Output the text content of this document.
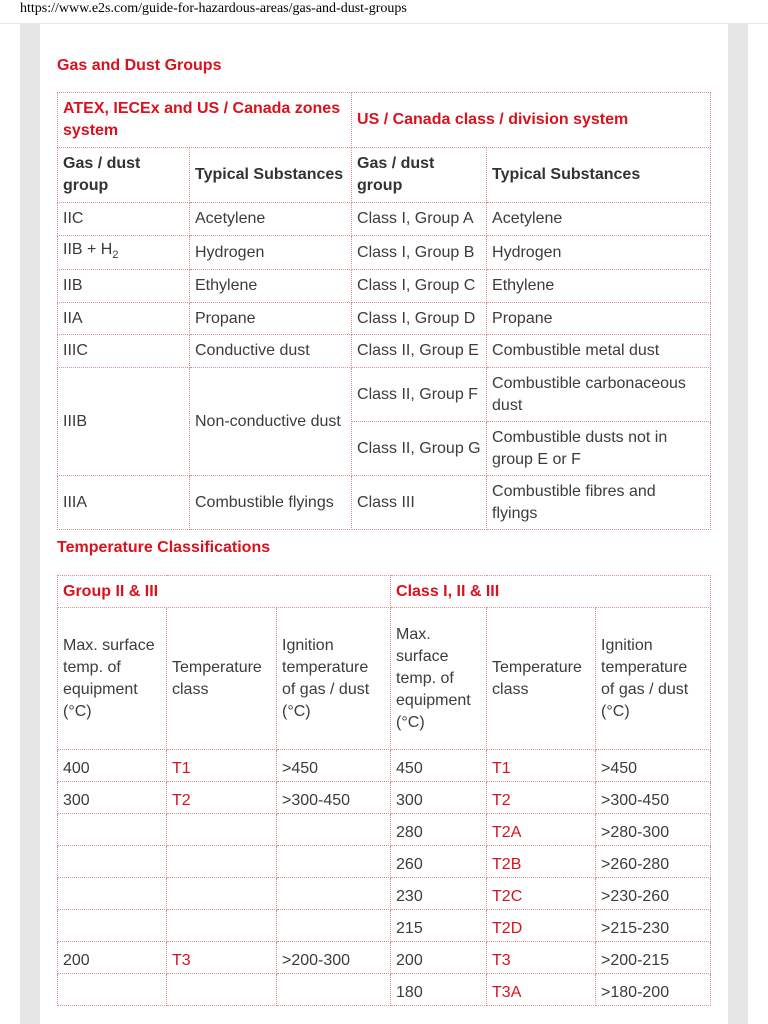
https://www.e2s.com/guide-for-hazardous-areas/gas-and-dust-groups
Gas and Dust Groups
ATEX, IECEx and US / Canada zones system		US / Canada class / division system	
Gas / dust group	Typical Substances	Gas / dust group	Typical Substances
IIC	Acetylene	Class I, Group A	Acetylene
IIB + $H_2$	Hydrogen	Class I, Group B	Hydrogen
IIB	Ethylene	Class I, Group C	Ethylene
IIA	Propane	Class I, Group D	Propane
IIIC	Conductive dust	Class II, Group E	Combustible metal dust
IIIB	Non-conductive dust	Class II, Group F	Combustible carbonaceous dust
		Class II, Group G	Combustible dusts not in group E or F
IIIA	Combustible flyings	Class III	Combustible fibres and flyings
Temperature Classifications
Group II & III			Class I, II & III		
Max. surface temp. of equipment (°C)	Temperature class	Ignition temperature of gas / dust (°C)	Max. surface temp. of equipment (°C)	Temperature class	Ignition temperature of gas / dust (°C)
400	T1	>450	450	T1	>450
300	T2	>300-450	300	T2	>300-450
			280	T2A	>280-300
			260	T2B	>260-280
			230	T2C	>230-260
			215	T2D	>215-230
200	T3	>200-300	200	T3	>200-215
			180	T3A	>180-200
